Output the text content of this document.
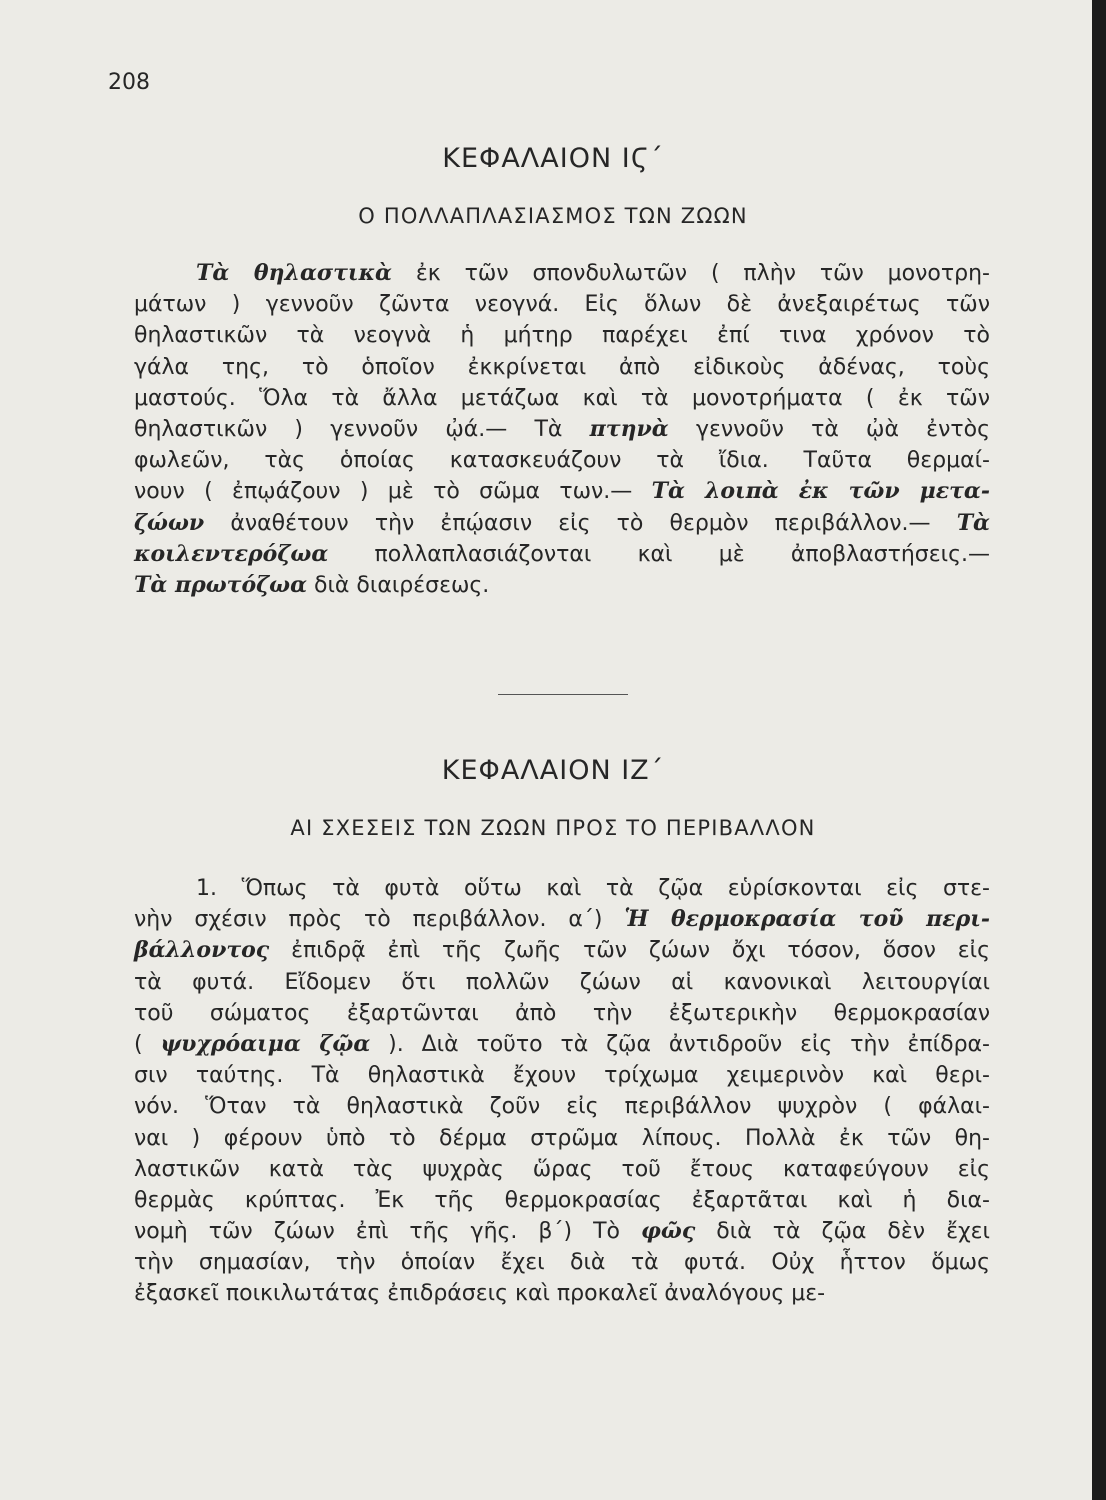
208
ΚΕΦΑΛΑΙΟΝ ΙϚ΄
Ο ΠΟΛΛΑΠΛΑΣΙΑΣΜΟΣ ΤΩΝ ΖΩΩΝ
Τὰ θηλαστικὰ ἐκ τῶν σπονδυλωτῶν ( πλὴν τῶν μονοτρη-
μάτων ) γεννοῦν ζῶντα νεογνά. Εἰς ὅλων δὲ ἀνεξαιρέτως τῶν
θηλαστικῶν τὰ νεογνὰ ἡ μήτηρ παρέχει ἐπί τινα χρόνον τὸ
γάλα της, τὸ ὁποῖον ἐκκρίνεται ἀπὸ εἰδικοὺς ἀδένας, τοὺς
μαστούς. Ὅλα τὰ ἄλλα μετάζωα καὶ τὰ μονοτρήματα ( ἐκ τῶν
θηλαστικῶν ) γεννοῦν ᾠά.— Τὰ πτηνὰ γεννοῦν τὰ ᾠὰ ἐντὸς
φωλεῶν, τὰς ὁποίας κατασκευάζουν τὰ ἴδια. Ταῦτα θερμαί-
νουν ( ἐπῳάζουν ) μὲ τὸ σῶμα των.— Τὰ λοιπὰ ἐκ τῶν μετα-
ζώων ἀναθέτουν τὴν ἐπῴασιν εἰς τὸ θερμὸν περιβάλλον.— Τὰ
κοιλεντερόζωα πολλαπλασιάζονται καὶ μὲ ἀποβλαστήσεις.—
Τὰ πρωτόζωα διὰ διαιρέσεως.
ΚΕΦΑΛΑΙΟΝ ΙΖ΄
ΑΙ ΣΧΕΣΕΙΣ ΤΩΝ ΖΩΩΝ ΠΡΟΣ ΤΟ ΠΕΡΙΒΑΛΛΟΝ
1. Ὅπως τὰ φυτὰ οὕτω καὶ τὰ ζῷα εὑρίσκονται εἰς στε-
νὴν σχέσιν πρὸς τὸ περιβάλλον. α΄) Ἡ θερμοκρασία τοῦ περι-
βάλλοντος ἐπιδρᾷ ἐπὶ τῆς ζωῆς τῶν ζώων ὄχι τόσον, ὅσον εἰς
τὰ φυτά. Εἴδομεν ὅτι πολλῶν ζώων αἱ κανονικαὶ λειτουργίαι
τοῦ σώματος ἐξαρτῶνται ἀπὸ τὴν ἐξωτερικὴν θερμοκρασίαν
( ψυχρόαιμα ζῷα ). Διὰ τοῦτο τὰ ζῷα ἀντιδροῦν εἰς τὴν ἐπίδρα-
σιν ταύτης. Τὰ θηλαστικὰ ἔχουν τρίχωμα χειμερινὸν καὶ θερι-
νόν. Ὅταν τὰ θηλαστικὰ ζοῦν εἰς περιβάλλον ψυχρὸν ( φάλαι-
ναι ) φέρουν ὑπὸ τὸ δέρμα στρῶμα λίπους. Πολλὰ ἐκ τῶν θη-
λαστικῶν κατὰ τὰς ψυχρὰς ὥρας τοῦ ἔτους καταφεύγουν εἰς
θερμὰς κρύπτας. Ἐκ τῆς θερμοκρασίας ἐξαρτᾶται καὶ ἡ δια-
νομὴ τῶν ζώων ἐπὶ τῆς γῆς. β΄) Τὸ φῶς διὰ τὰ ζῷα δὲν ἔχει
τὴν σημασίαν, τὴν ὁποίαν ἔχει διὰ τὰ φυτά. Οὐχ ἧττον ὅμως
ἐξασκεῖ ποικιλωτάτας ἐπιδράσεις καὶ προκαλεῖ ἀναλόγους με-
